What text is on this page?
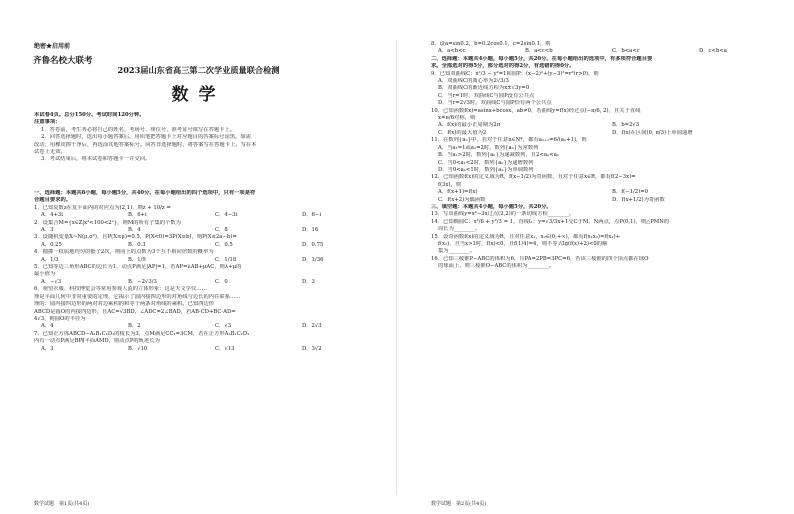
绝密★启用前
齐鲁名校大联考
2023届山东省高三第二次学业质量联合检测
数学

本试卷4页。总分150分。考试时间120分钟。

注意事项：

1．答卷前，考生务必将自己的姓名、考场号、座位号、准考证号填写在答题卡上。

2．回答选择题时，选出每小题答案后，用铅笔把答题卡上对应题目的答案标号涂黑。如需

改动，用橡皮擦干净后，再选涂其他答案标号。回答非选择题时，将答案写在答题卡上。写在本

试卷上无效。

3．考试结束后，将本试卷和答题卡一并交回。

一、选择题：本题共8小题，每小题5分，共40分。在每小题给出的四个选项中，只有一项是符

合题目要求的。

1．已知复数z在复平面内的对应点为(2,1)，则z + 10/z =

A．4+3i	B．6+i	C．4−3i	D．6−i

2．设集合M={x∈Z|x²<100<2ˣ}，则M的所有子集的个数为

A．3	B．4	C．8	D．16

3．设随机变量X~N(μ,σ²)，且P(X≤μ)=0.5，P(X<0)=3P(X≥b)，则P(X≤2a−b)=

A．0.25	B．0.3	C．0.5	D．0.75

4．抛掷一枚质地均匀的骰子2次，则向上的点数为3个互不相同倍数的概率为

A．1/3	B．1/9	C．1/18	D．1/36

5．已知等边三角形ABC的边长为1，动点P满足|AP|=1，若AP=λAB+μAC，则λ+μ的

最小值为

A．−√3	B．−2√3/3	C．0	D．3

6．观望衣服、科技博览会等常用参观人流的立体形象：这是天文学仪……

理是平面几何中非常重要的定理，它揭示了圆内接四边形的对角线与边长的内在联系……

理的：圆内接四边形的两对对边乘积的和等于两条对角线的乘积。已知四边形

ABCD是圆O的内接四边形，且AC=√3BD，∠ADC=2∠BAD，若AB·CD+BC·AD=

4√3，则圆O的半径为

A．4	B．2	C．√3	D．2√3

7．已知正方体ABCD−A₁B₁C₁D₁的棱长为3，点M满足CC₁=3CM，若在正方形A₁B₁C₁D₁

内有一动点P满足BP∥平面AMD，则动点P的轨迹长为

A．3	B．√10	C．√13	D．3√2
数学试题　第1页(共4页)

8．设a=sin0.2，b=0.2cos0.1，c=2sin0.1，则

A．a<b<c	B．a<c<b	C．b<a<c	D．c<b<a

二、选择题：本题共4小题，每小题5分，共20分。在每小题给出的选项中，有多项符合题目要

求。全部选对的得5分，部分选对的得2分，有选错的得0分。

9．已知双曲线C：x²/3 − y²=1和圆P：(x−2)²+(y−3)²=r²(r>0)，则

A．双曲线C的离心率为2√3/3

B．双曲线C的渐近线方程为x±√3y=0

C．当r=1时，双曲线C与圆P没有公共点

D．当r=2√3时，双曲线C与圆P恰有两个公共点

10．已知函数f(x)=asinx+bcosx，ab≠0，若曲线y=f(x)经过点(−π/6, 2)，且关于直线

x=π/6对称，则

A．f(x)的最小正周期为2π	B．b=2√3
C．f(x)的最大值为2	D．f(x)在区间(0, π/3)上单调递增

11．在数列{aₙ}中，若对于任意n∈N*，都有aₙ₊₁=6/(aₙ+1)，则

A．当a₁=1或a₁=2时，数列{aₙ}为常数列

B．当a₁>2时，数列{aₙ}为递减数列，且2<aₙ<a₁

C．当0<a₁<2时，数列{aₙ}为递增数列

D．当0<a₁<1时，数列{aₙ}为单调数列

12．已知函数f(x)的定义域为R，f(x−1/2)为奇函数，且对于任意x∈R，都有f(2−3x)=

f(3x)，则

A．f(x+1)=f(x)	B．f(−1/2)=0
C．f(x+2)为偶函数	D．f(x+1/2)为奇函数

三、填空题：本题共4小题，每小题5分，共20分。

13．写出曲线y=x³−3x过点(2,2)的一条切线方程________。

14．已知椭圆C：x²/6 + y²/3 = 1，直线l₁：y=√3/3x+1交C于M、N两点，点P(0,1)，则△PMN的

周长为________。

15．设奇函数f(x)的定义域为R，且对任意x₁，x₂∈(0,+∞)，都有f(x₁x₂)=f(x₁)+

f(x₂)，且当x>1时，f(x)<0，且f(1/4)=4，则不等式lg(f(x)+2)<0的解

集为________。

16．已知三棱锥P−ABC的体积为6，且PA=2PB=3PC=6，若该三棱锥的四个顶点都在球O

的球面上，则三棱锥O−ABC的体积为________。

数学试题　第2页(共4页)
